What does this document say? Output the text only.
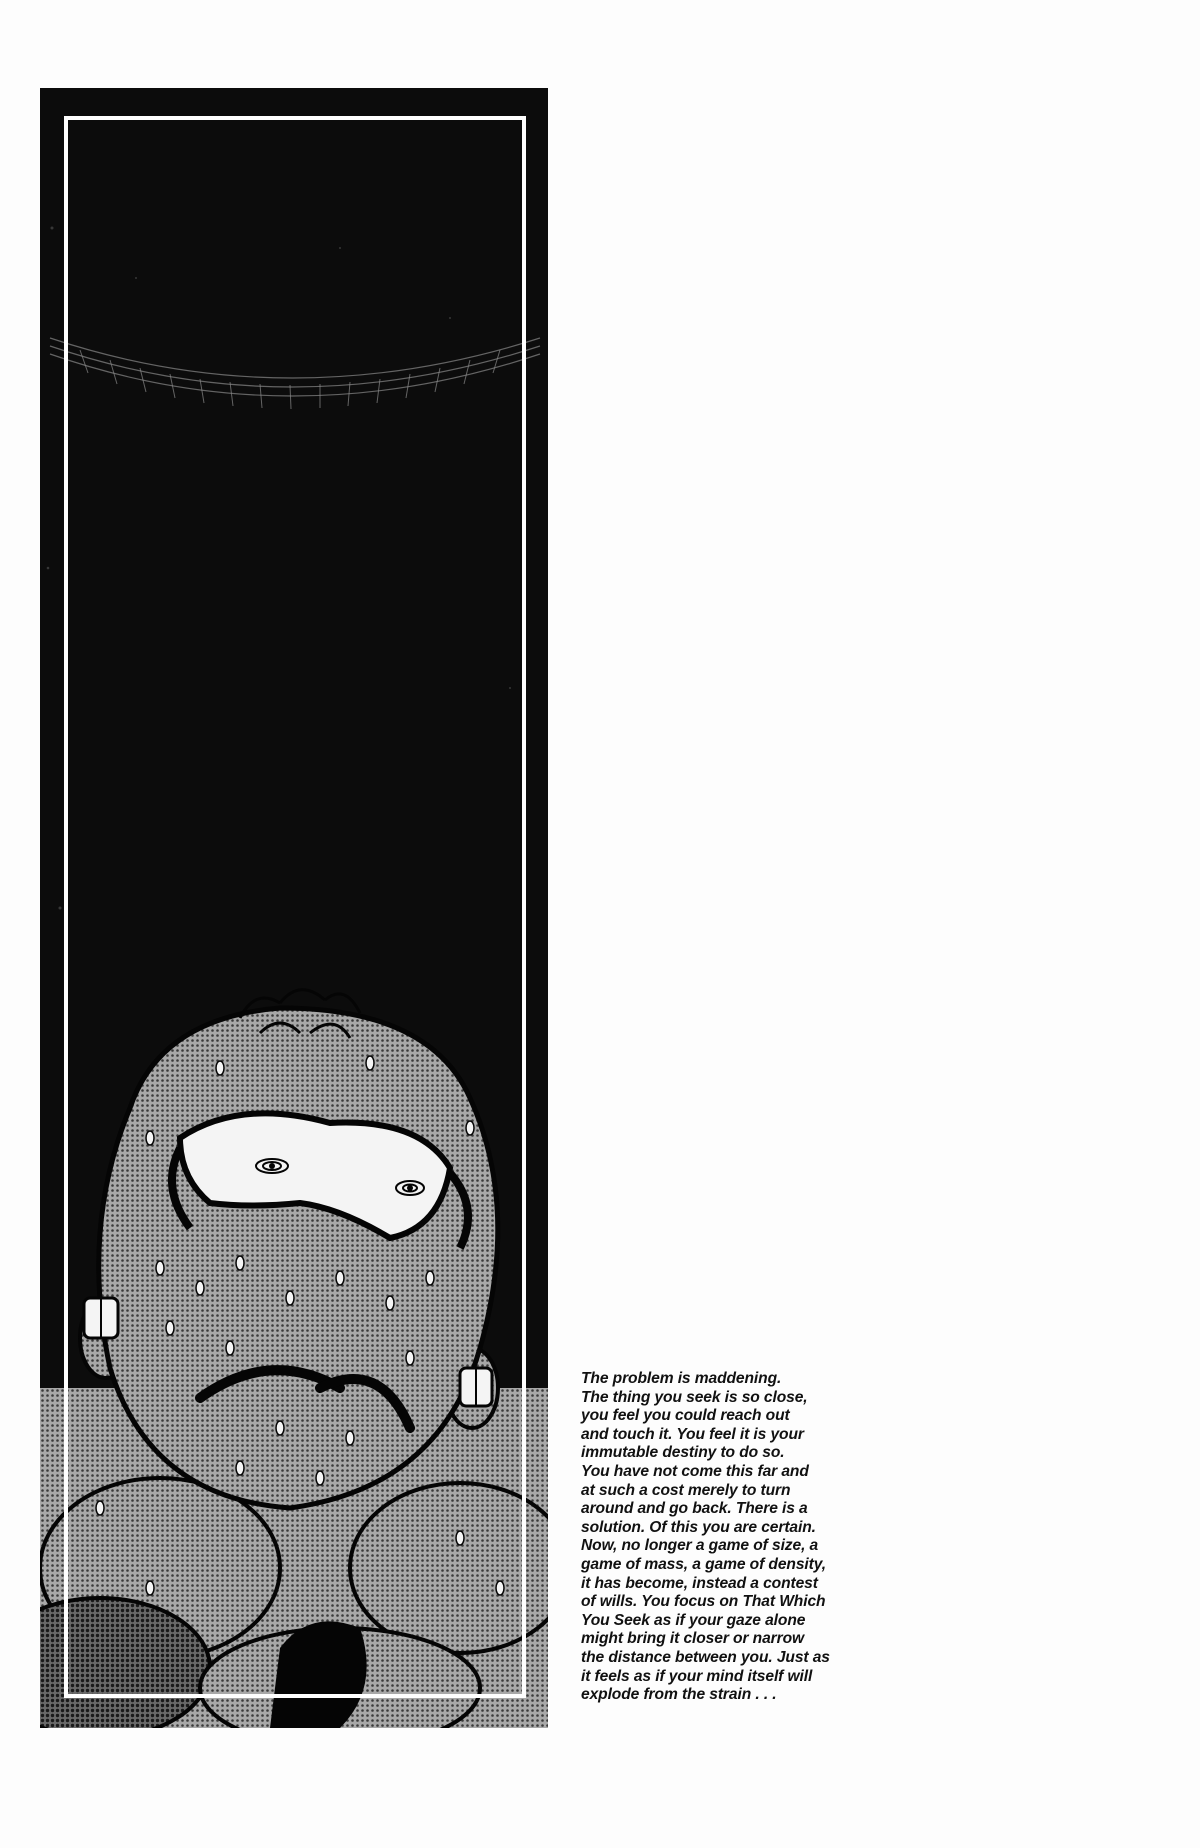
The problem is maddening.
The thing you seek is so close,
you feel you could reach out
and touch it. You feel it is your
immutable destiny to do so.
You have not come this far and
at such a cost merely to turn
around and go back. There is a
solution. Of this you are certain.
Now, no longer a game of size, a
game of mass, a game of density,
it has become, instead a contest
of wills. You focus on That Which
You Seek as if your gaze alone
might bring it closer or narrow
the distance between you. Just as
it feels as if your mind itself will
explode from the strain . . .
